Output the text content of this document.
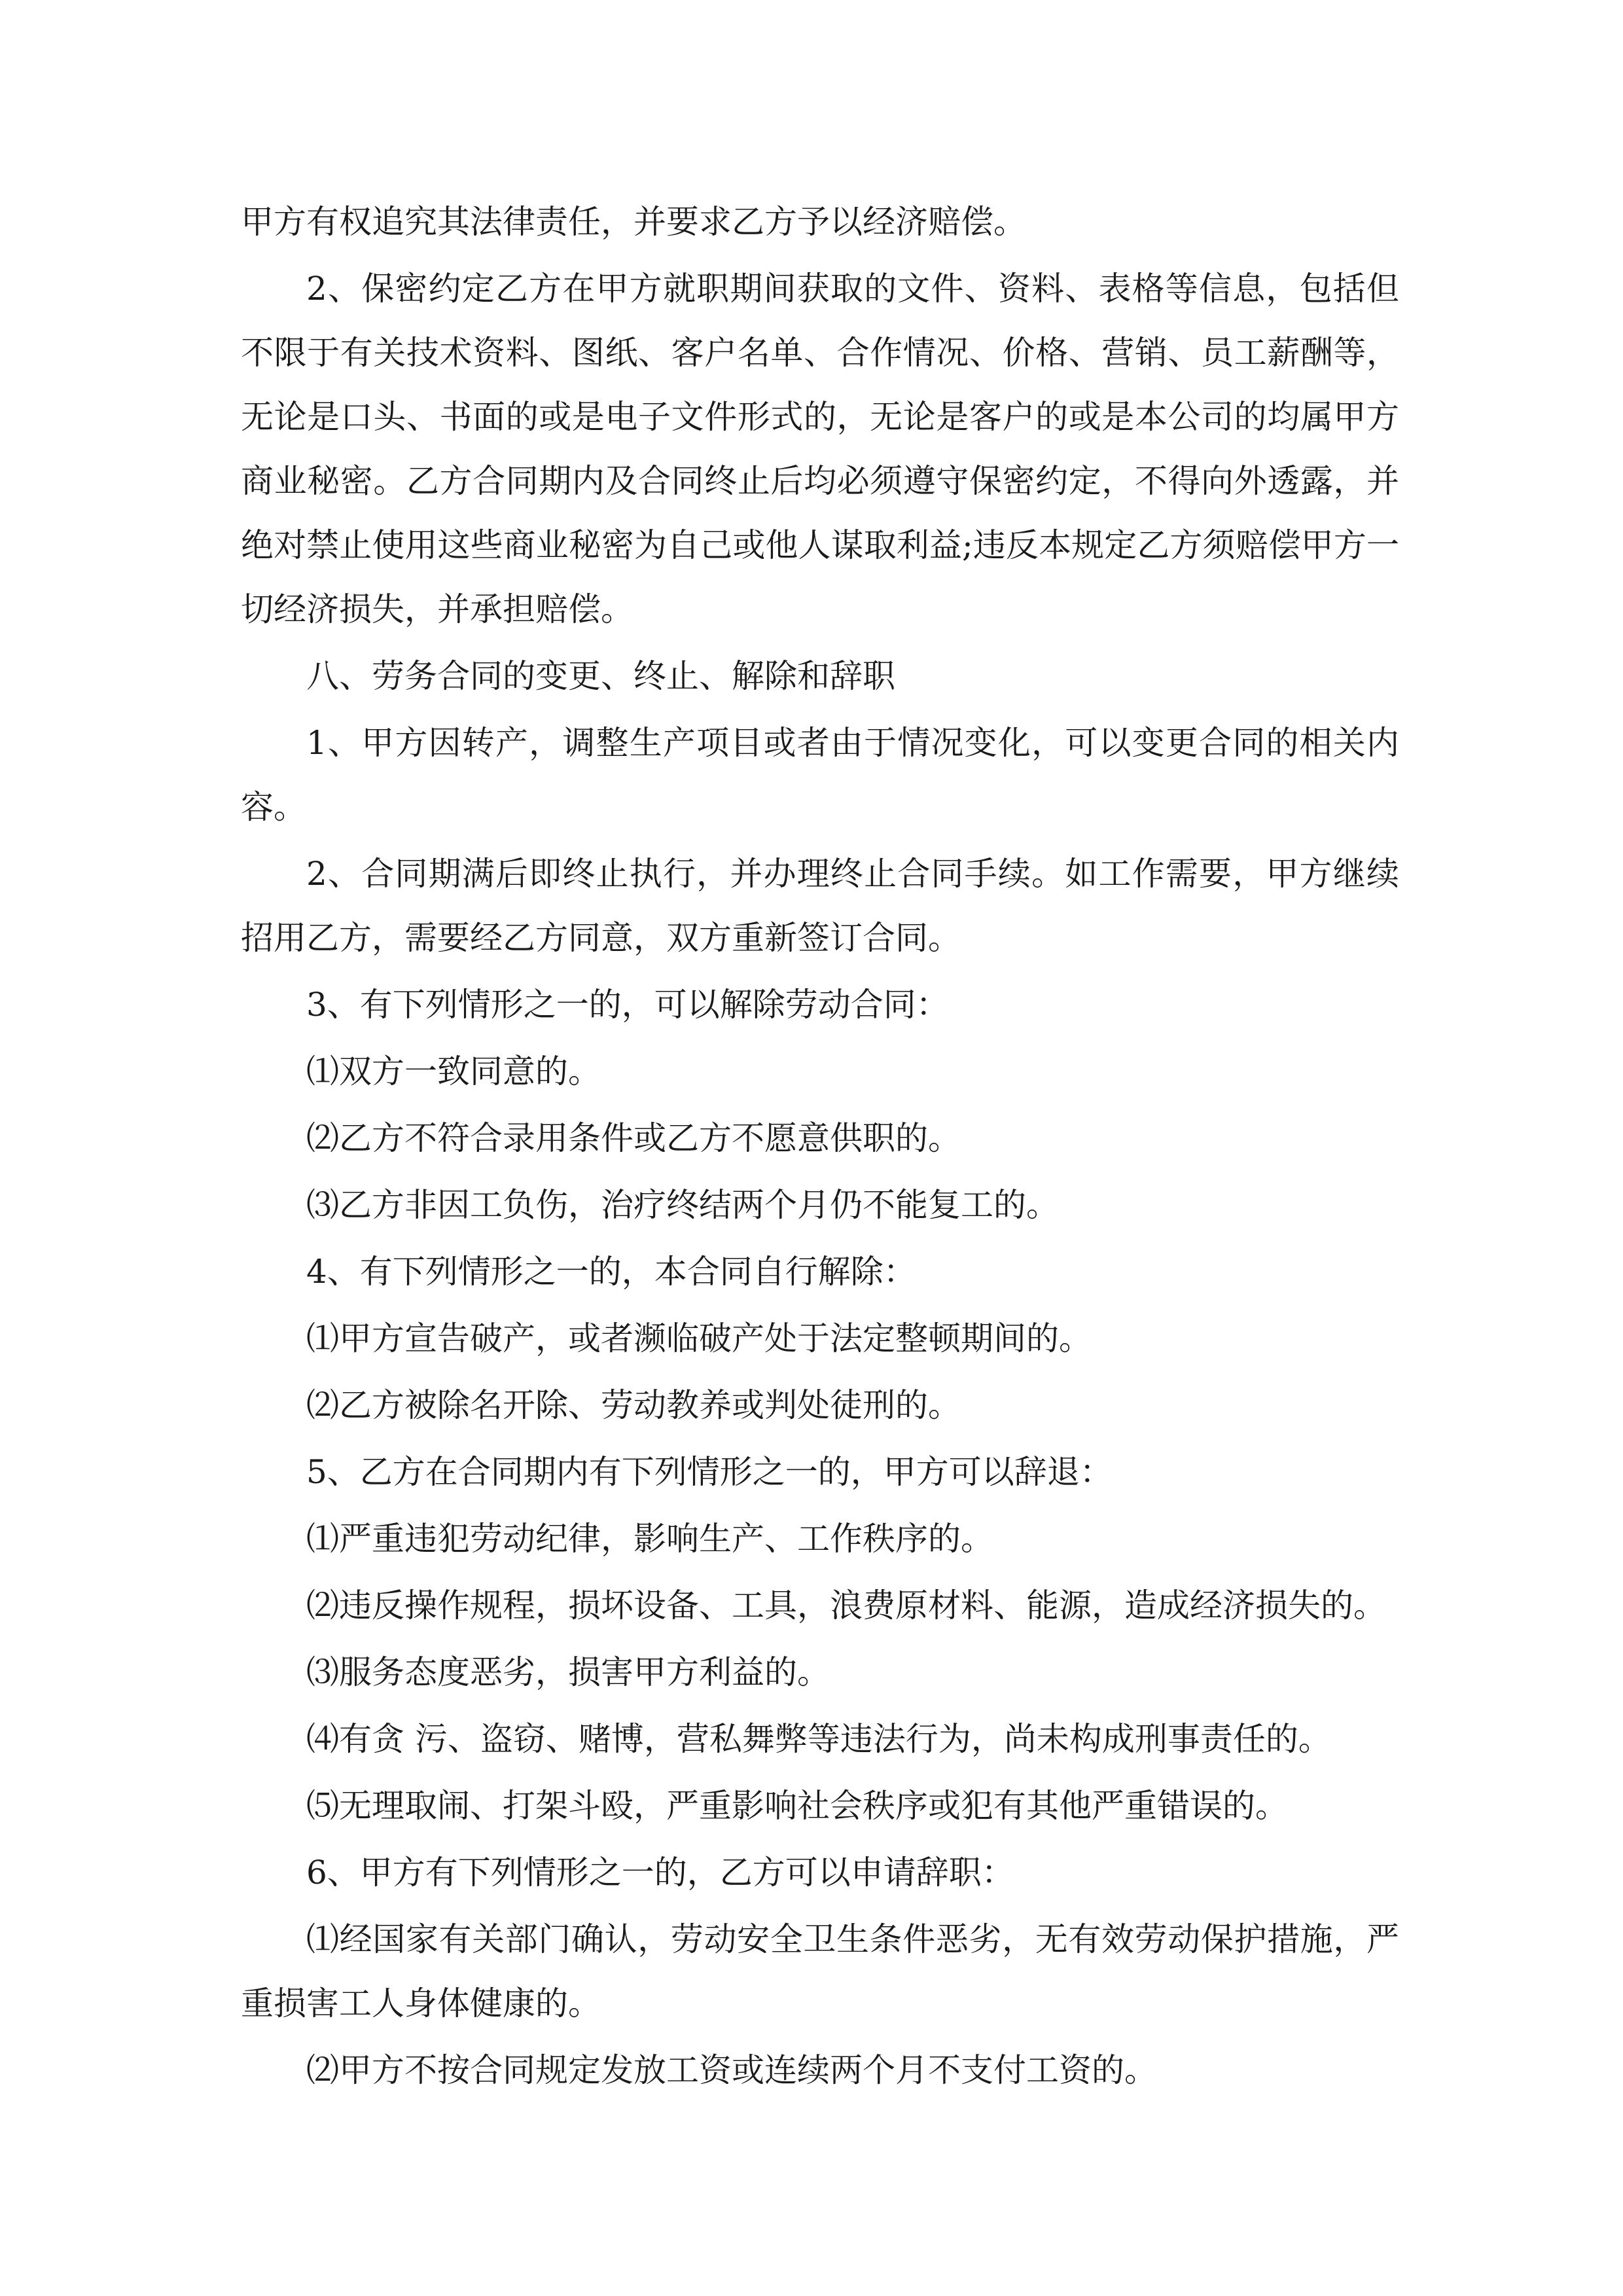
甲方有权追究其法律责任，并要求乙方予以经济赔偿。

2、保密约定乙方在甲方就职期间获取的文件、资料、表格等信息，包括但不限于有关技术资料、图纸、客户名单、合作情况、价格、营销、员工薪酬等，无论是口头、书面的或是电子文件形式的，无论是客户的或是本公司的均属甲方商业秘密。乙方合同期内及合同终止后均必须遵守保密约定，不得向外透露，并绝对禁止使用这些商业秘密为自己或他人谋取利益;违反本规定乙方须赔偿甲方一切经济损失，并承担赔偿。

八、劳务合同的变更、终止、解除和辞职

1、甲方因转产，调整生产项目或者由于情况变化，可以变更合同的相关内容。

2、合同期满后即终止执行，并办理终止合同手续。如工作需要，甲方继续招用乙方，需要经乙方同意，双方重新签订合同。

3、有下列情形之一的，可以解除劳动合同：

⑴双方一致同意的。

⑵乙方不符合录用条件或乙方不愿意供职的。

⑶乙方非因工负伤，治疗终结两个月仍不能复工的。

4、有下列情形之一的，本合同自行解除：

⑴甲方宣告破产，或者濒临破产处于法定整顿期间的。

⑵乙方被除名开除、劳动教养或判处徒刑的。

5、乙方在合同期内有下列情形之一的，甲方可以辞退：

⑴严重违犯劳动纪律，影响生产、工作秩序的。

⑵违反操作规程，损坏设备、工具，浪费原材料、能源，造成经济损失的。

⑶服务态度恶劣，损害甲方利益的。

⑷有贪 污、盗窃、赌博，营私舞弊等违法行为，尚未构成刑事责任的。

⑸无理取闹、打架斗殴，严重影响社会秩序或犯有其他严重错误的。

6、甲方有下列情形之一的，乙方可以申请辞职：

⑴经国家有关部门确认，劳动安全卫生条件恶劣，无有效劳动保护措施，严重损害工人身体健康的。

⑵甲方不按合同规定发放工资或连续两个月不支付工资的。
